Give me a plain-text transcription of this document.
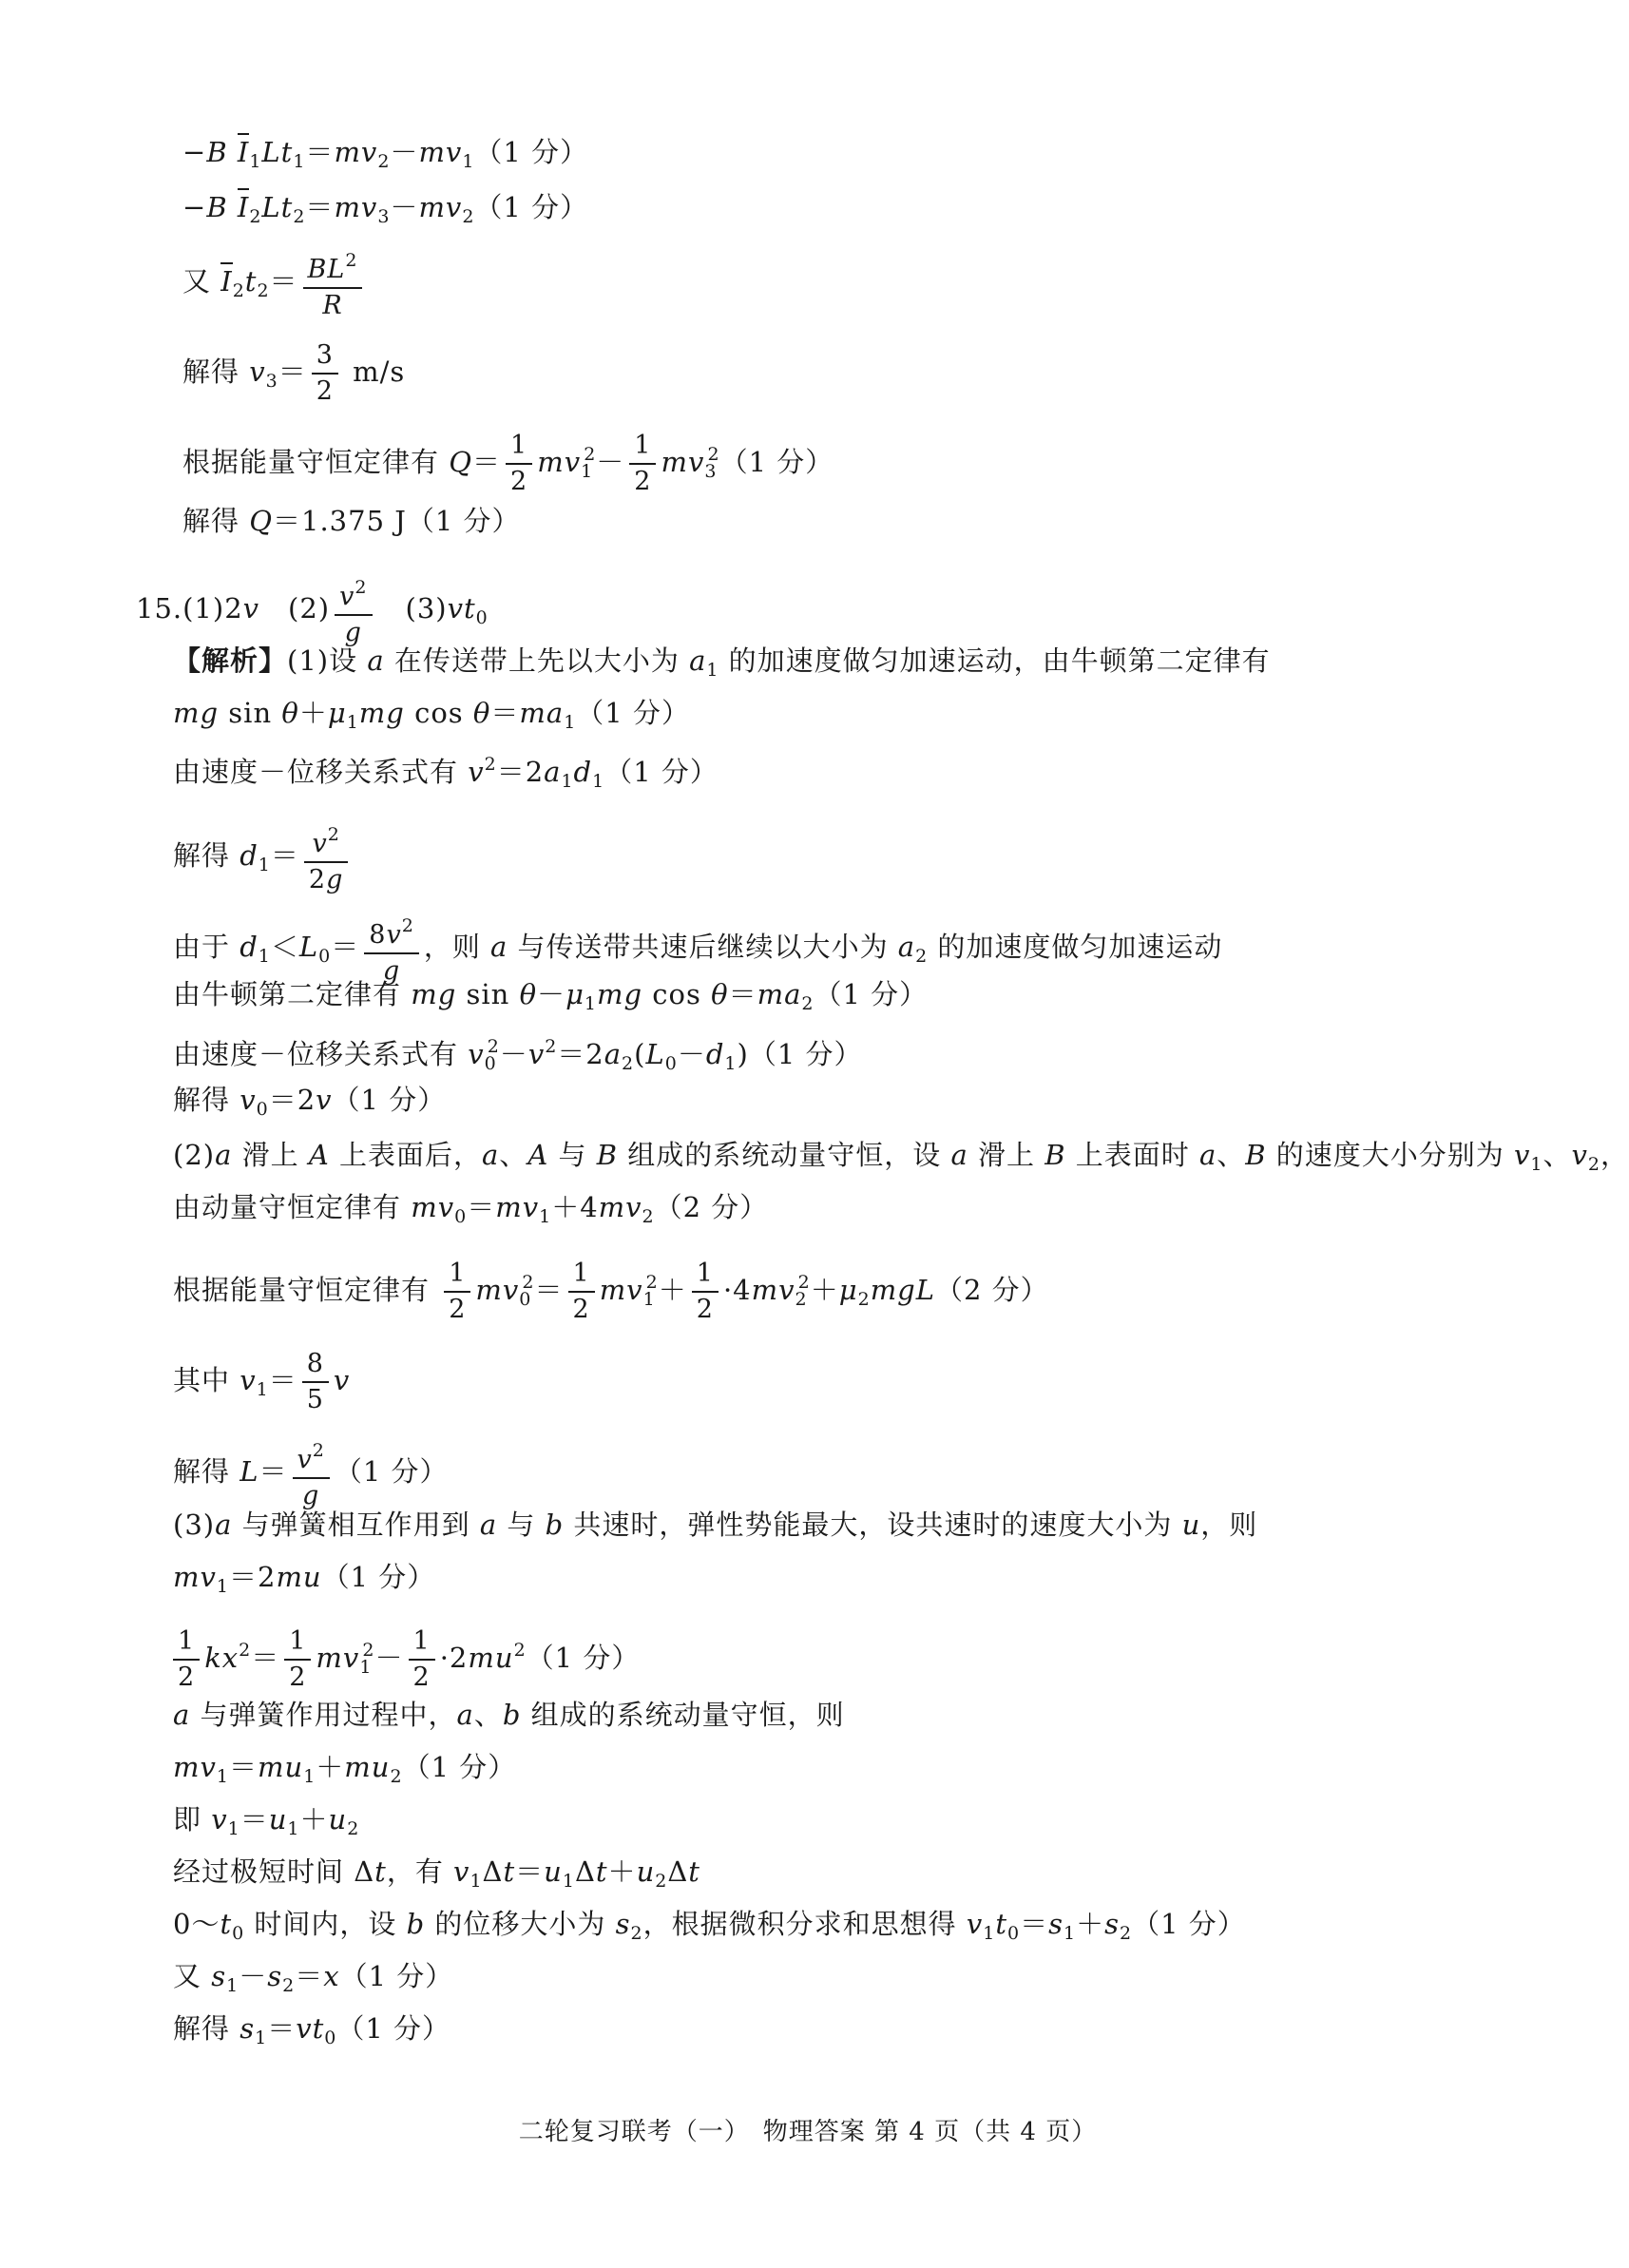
−B $I_1Lt_1=mv_2-mv_1(1$ 分）
−B $I_2Lt_2=mv_3-mv_2(1$ 分）
又 $I_2t_2= \frac{BL^2}{R}$
解得 $v_3= \frac{3}{2} m/s$
根据能量守恒定律有 $Q= \frac{1}{2} mv_1^2- \frac{1}{2} mv_3^2(1$ 分）
解得 Q＝1.375 J（1 分）
15.(1)2v　$(2) \frac{v^2}{g}$ 　$(3)vt_0$
【解析】(1)设 a 在传送带上先以大小为 $a_1$ 的加速度做匀加速运动，由牛顿第二定律有
mg $\sin \theta+\mu_1mg$ $\cos \theta=ma_1(1$ 分）
由速度－位移关系式有 $v^2=2a_1d_1(1$ 分）
解得 $d_1= \frac{v^2}{2g}$
由于 $d_1<L_0= \frac{8v^2}{g}$ ，则 a 与传送带共速后继续以大小为 $a_2$ 的加速度做匀加速运动
由牛顿第二定律有 mg $\sin \theta-\mu_1mg$ $\cos \theta=ma_2(1$ 分）
由速度－位移关系式有 $v_0^2-v^2=2a_2(L_0-d_1)(1$ 分）
解得 $v_0=2v(1$ 分）
(2)a 滑上 A 上表面后，a、A 与 B 组成的系统动量守恒，设 a 滑上 B 上表面时 a、B 的速度大小分别为 $v_1$、$v_2$，
由动量守恒定律有 $mv_0=mv_1+4mv_2(2$ 分）
根据能量守恒定律有 $\frac{1}{2} mv_0^2= \frac{1}{2} mv_1^2+ \frac{1}{2} \cdot 4mv_2^2+\mu_2mgL(2$ 分）
其中 $v_1= \frac{8}{5}$ v
解得 $L= \frac{v^2}{g} (1$ 分）
(3)a 与弹簧相互作用到 a 与 b 共速时，弹性势能最大，设共速时的速度大小为 u，则
$mv_1=2mu(1$ 分）
$\frac{1}{2} kx^2= \frac{1}{2} mv_1^2- \frac{1}{2} \cdot 2mu^2(1$ 分）
a 与弹簧作用过程中，a、b 组成的系统动量守恒，则
$mv_1=mu_1+mu_2(1$ 分）
即 $v_1=u_1+u_2$
经过极短时间 Δt，有 $v_1\Delta t=u_1\Delta t+u_2\Delta t$
$0\sim t_0$ 时间内，设 b 的位移大小为 $s_2$，根据微积分求和思想得 $v_1t_0=s_1+s_2(1$ 分）
又 $s_1-s_2=x(1$ 分）
解得 $s_1=vt_0(1$ 分）
二轮复习联考（一）　物理答案 第 4 页（共 4 页）
